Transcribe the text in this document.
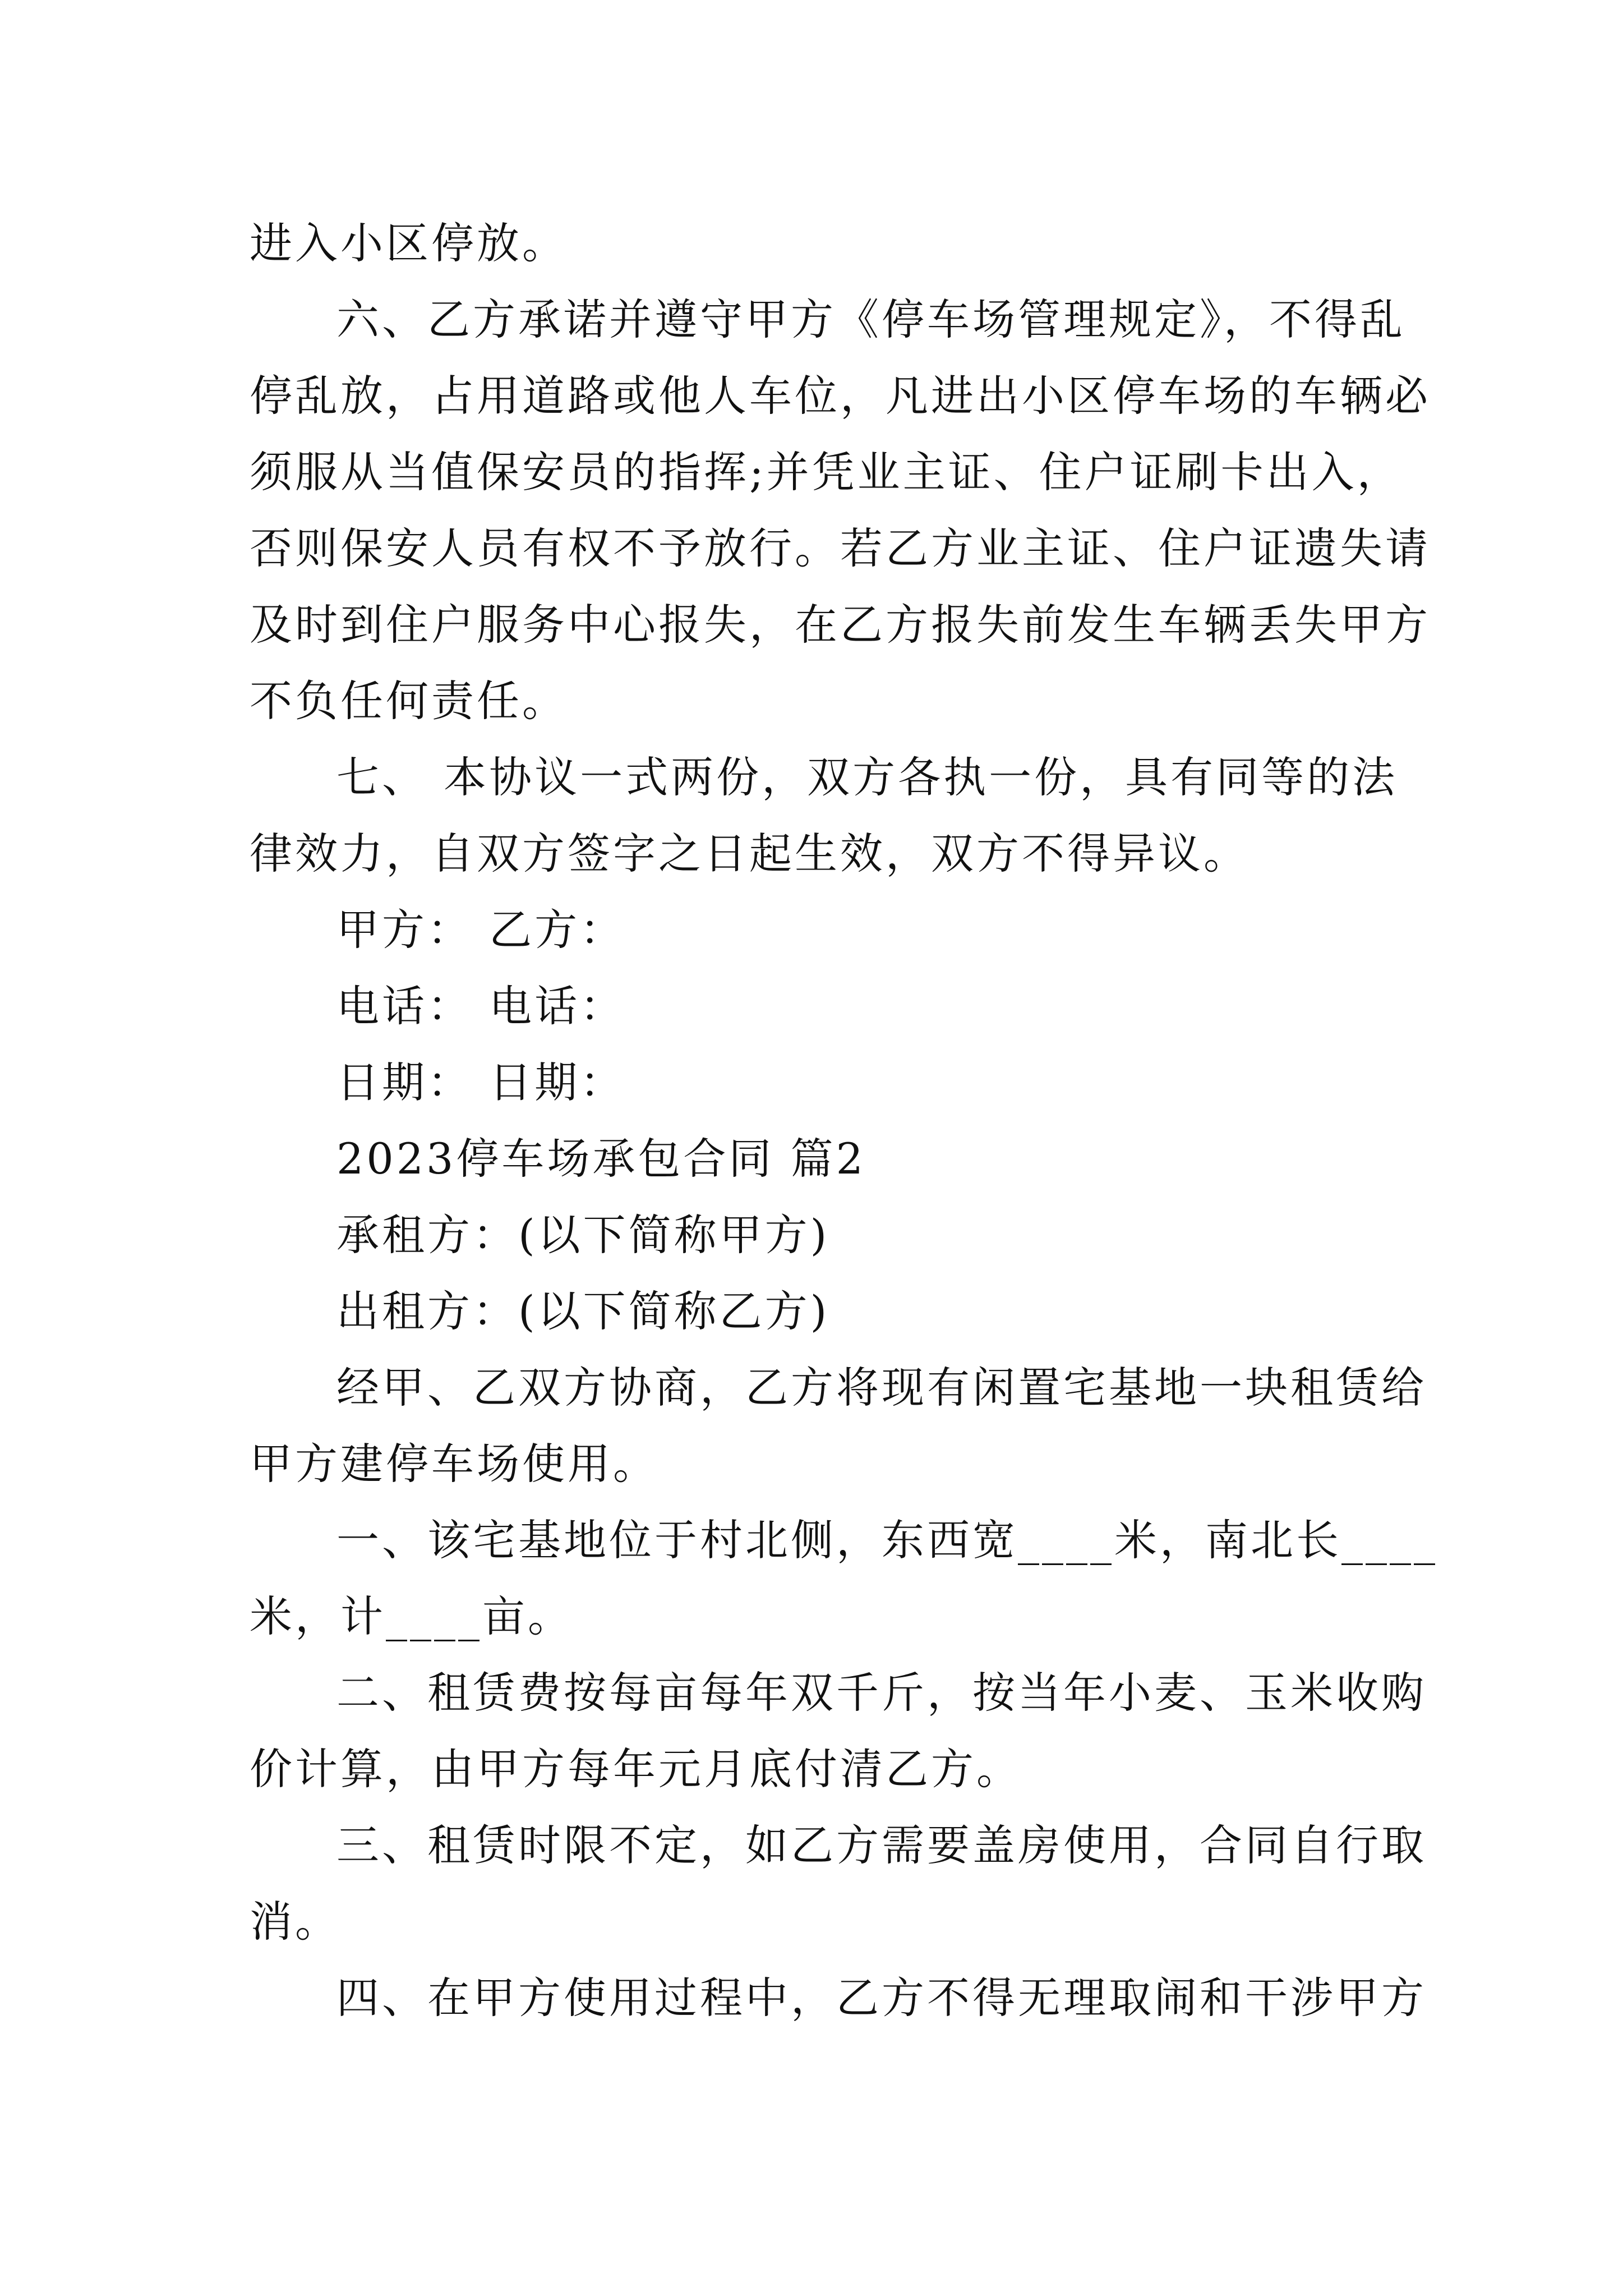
进入小区停放。
六、乙方承诺并遵守甲方《停车场管理规定》，不得乱
停乱放，占用道路或他人车位，凡进出小区停车场的车辆必
须服从当值保安员的指挥;并凭业主证、住户证刷卡出入，
否则保安人员有权不予放行。若乙方业主证、住户证遗失请
及时到住户服务中心报失，在乙方报失前发生车辆丢失甲方
不负任何责任。
七、 本协议一式两份，双方各执一份，具有同等的法
律效力，自双方签字之日起生效，双方不得异议。
甲方： 乙方：
电话： 电话：
日期： 日期：
2023停车场承包合同 篇2
承租方：(以下简称甲方)
出租方：(以下简称乙方)
经甲、乙双方协商，乙方将现有闲置宅基地一块租赁给
甲方建停车场使用。
一、该宅基地位于村北侧，东西宽____米，南北长____
米，计____亩。
二、租赁费按每亩每年双千斤，按当年小麦、玉米收购
价计算，由甲方每年元月底付清乙方。
三、租赁时限不定，如乙方需要盖房使用，合同自行取
消。
四、在甲方使用过程中，乙方不得无理取闹和干涉甲方
